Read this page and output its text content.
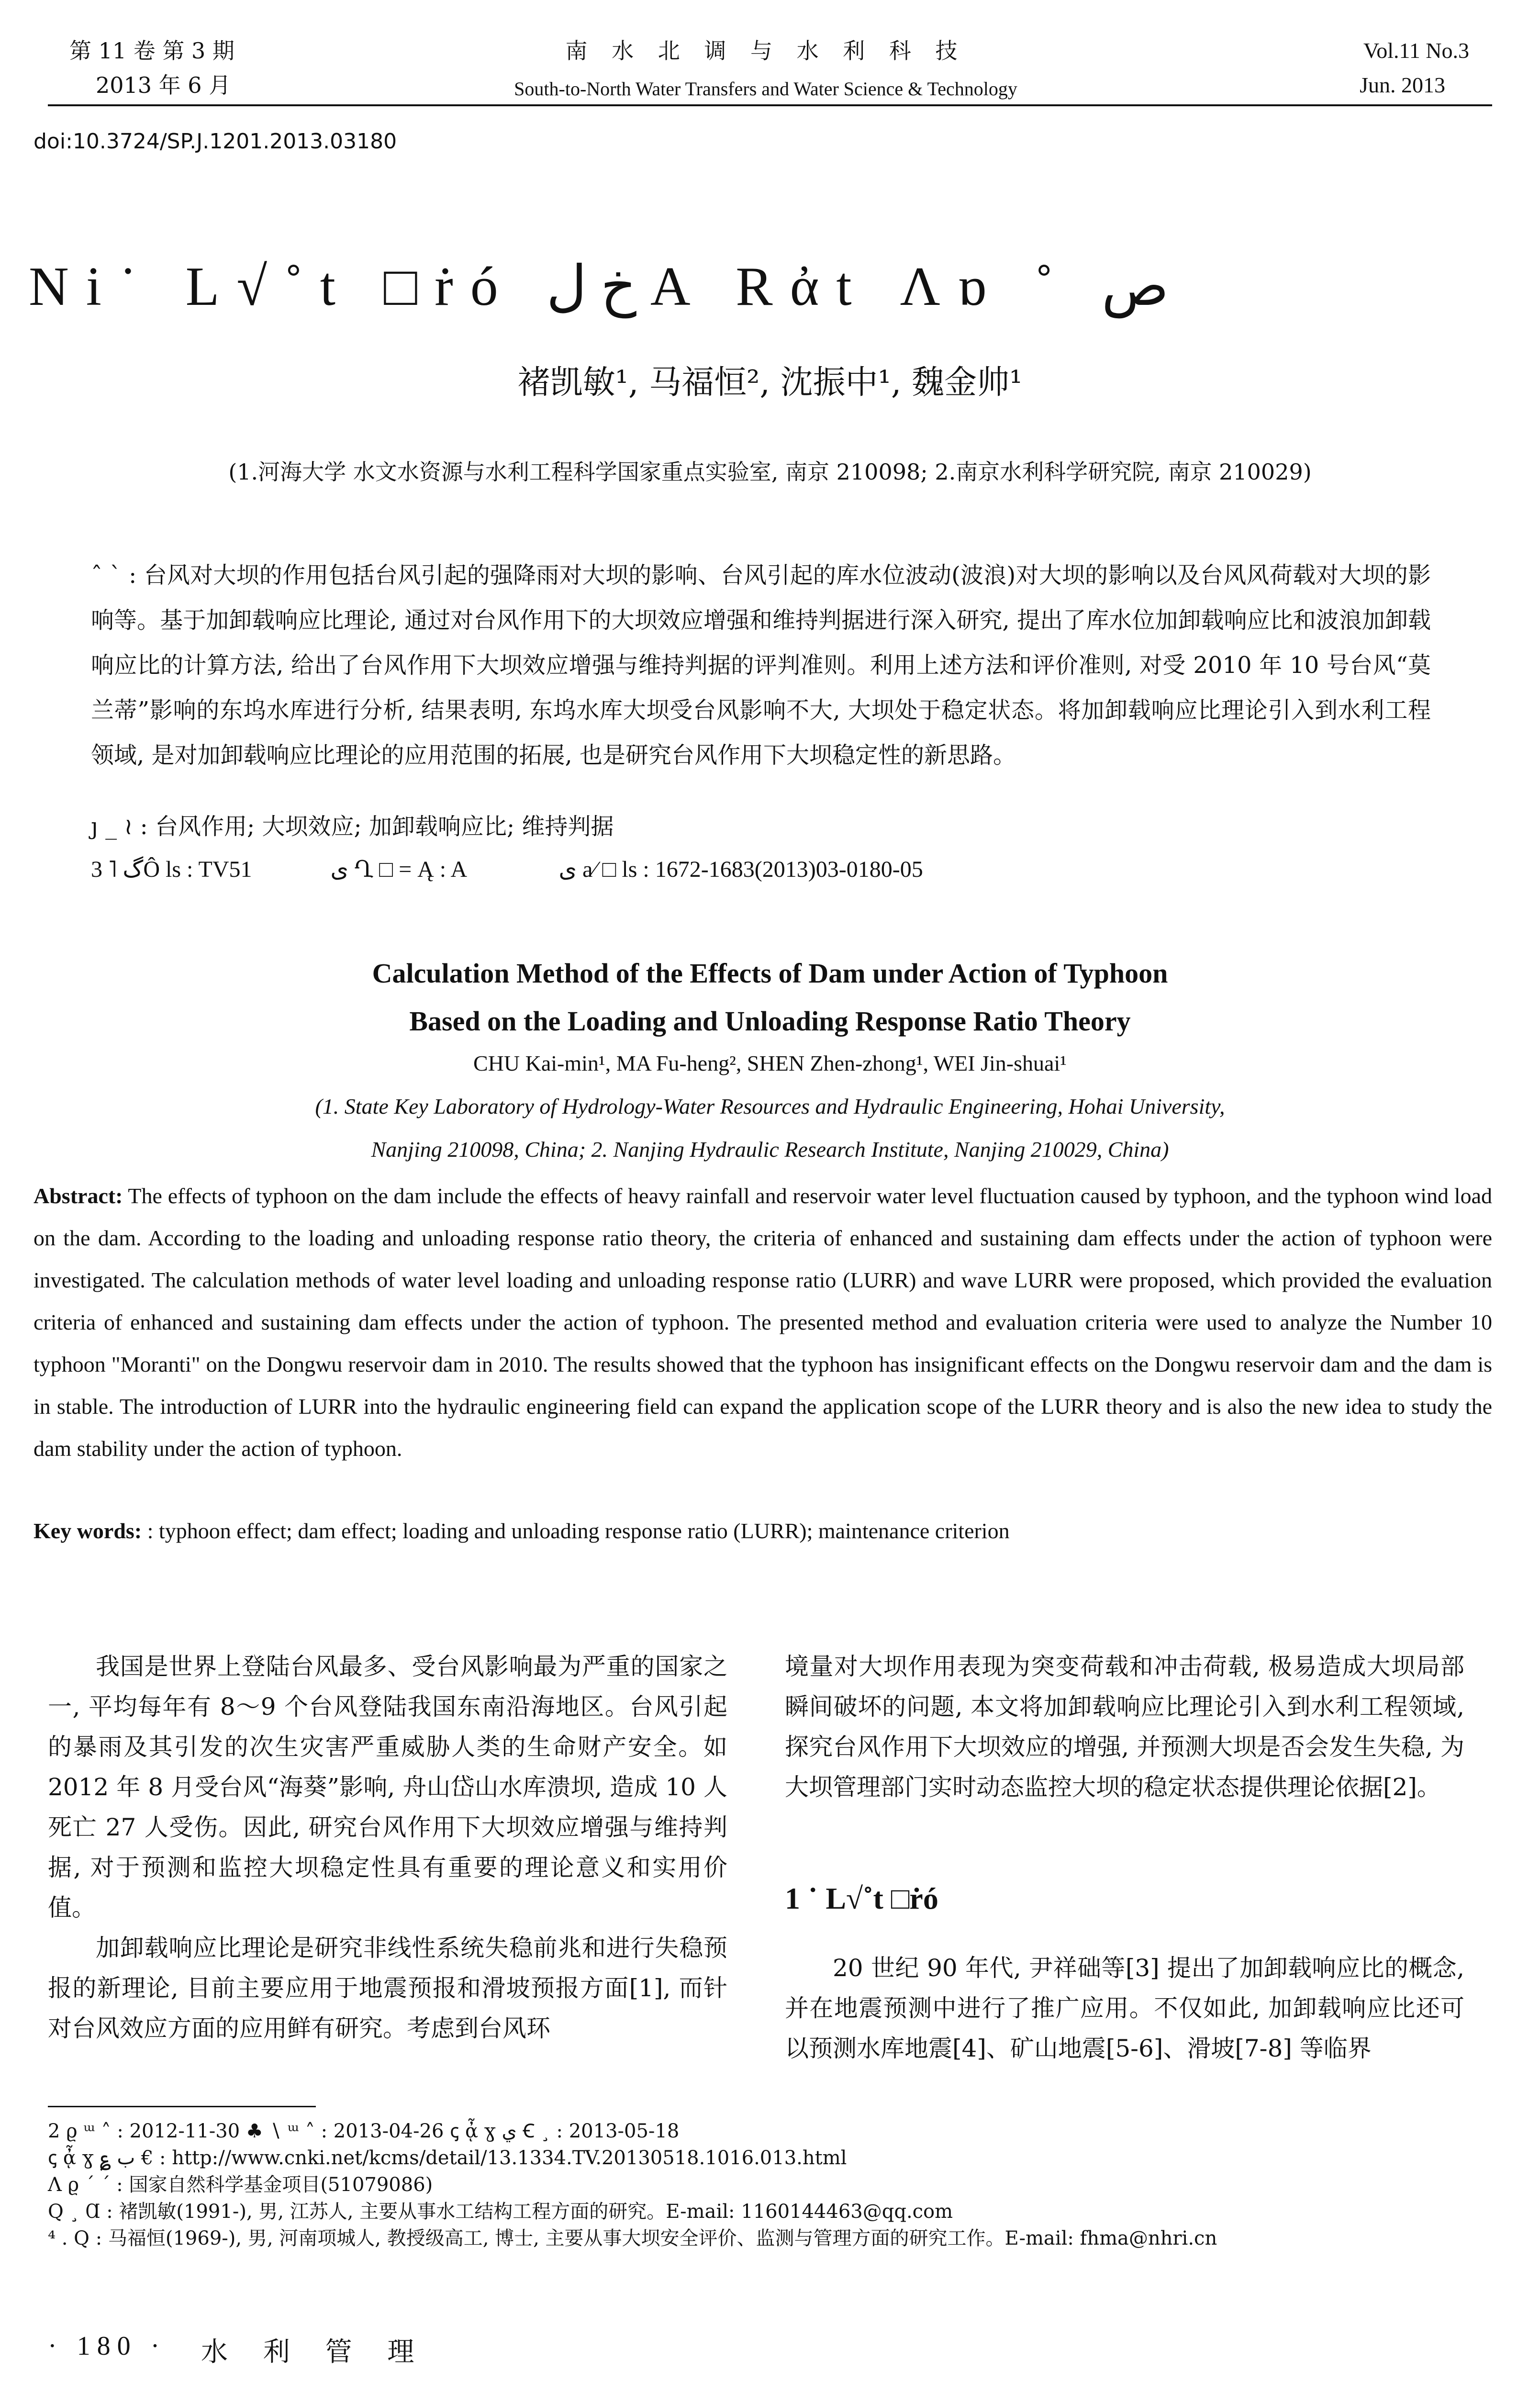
第 11 卷 第 3 期
2013 年 6 月
南 水 北 调 与 水 利 科 技
South-to-North Water Transfers and Water Science & Technology
Vol.11 No.3
Jun. 2013
doi:10.3724/SP.J.1201.2013.03180
Ni˙ L√˚t □ṙó خ ل A Rἀt Ʌɒ ˚ ص
褚凯敏¹, 马福恒², 沈振中¹, 魏金帅¹
(1.河海大学 水文水资源与水利工程科学国家重点实验室, 南京 210098; 2.南京水利科学研究院, 南京 210029)
ˆ ˋ : 台风对大坝的作用包括台风引起的强降雨对大坝的影响、台风引起的库水位波动(波浪)对大坝的影响以及台风风荷载对大坝的影响等。基于加卸载响应比理论, 通过对台风作用下的大坝效应增强和维持判据进行深入研究, 提出了库水位加卸载响应比和波浪加卸载响应比的计算方法, 给出了台风作用下大坝效应增强与维持判据的评判准则。利用上述方法和评价准则, 对受 2010 年 10 号台风“莫兰蒂”影响的东坞水库进行分析, 结果表明, 东坞水库大坝受台风影响不大, 大坝处于稳定状态。将加卸载响应比理论引入到水利工程领域, 是对加卸载响应比理论的应用范围的拓展, 也是研究台风作用下大坝稳定性的新思路。
ȷ _ ≀ : 台风作用; 大坝效应; 加卸载响应比; 维持判据
3 ˥ گÔ ls : TV51	ى Ղ □ = Ą : A	ى a∕ □ ls : 1672-1683(2013)03-0180-05
Calculation Method of the Effects of Dam under Action of Typhoon
Based on the Loading and Unloading Response Ratio Theory
CHU Kai-min¹, MA Fu-heng², SHEN Zhen-zhong¹, WEI Jin-shuai¹
(1. State Key Laboratory of Hydrology-Water Resources and Hydraulic Engineering, Hohai University,
Nanjing 210098, China; 2. Nanjing Hydraulic Research Institute, Nanjing 210029, China)
Abstract: The effects of typhoon on the dam include the effects of heavy rainfall and reservoir water level fluctuation caused by typhoon, and the typhoon wind load on the dam. According to the loading and unloading response ratio theory, the criteria of enhanced and sustaining dam effects under the action of typhoon were investigated. The calculation methods of water level loading and unloading response ratio (LURR) and wave LURR were proposed, which provided the evaluation criteria of enhanced and sustaining dam effects under the action of typhoon. The presented method and evaluation criteria were used to analyze the Number 10 typhoon "Moranti" on the Dongwu reservoir dam in 2010. The results showed that the typhoon has insignificant effects on the Dongwu reservoir dam and the dam is in stable. The introduction of LURR into the hydraulic engineering field can expand the application scope of the LURR theory and is also the new idea to study the dam stability under the action of typhoon.
Key words: : typhoon effect; dam effect; loading and unloading response ratio (LURR); maintenance criterion

我国是世界上登陆台风最多、受台风影响最为严重的国家之一, 平均每年有 8～9 个台风登陆我国东南沿海地区。台风引起的暴雨及其引发的次生灾害严重威胁人类的生命财产安全。如 2012 年 8 月受台风“海葵”影响, 舟山岱山水库溃坝, 造成 10 人死亡 27 人受伤。因此, 研究台风作用下大坝效应增强与维持判据, 对于预测和监控大坝稳定性具有重要的理论意义和实用价值。

加卸载响应比理论是研究非线性系统失稳前兆和进行失稳预报的新理论, 目前主要应用于地震预报和滑坡预报方面[1], 而针对台风效应方面的应用鲜有研究。考虑到台风环

境量对大坝作用表现为突变荷载和冲击荷载, 极易造成大坝局部瞬间破坏的问题, 本文将加卸载响应比理论引入到水利工程领域, 探究台风作用下大坝效应的增强, 并预测大坝是否会发生失稳, 为大坝管理部门实时动态监控大坝的稳定状态提供理论依据[2]。

1 ˙ L√˚t □ṙó

20 世纪 90 年代, 尹祥础等[3] 提出了加卸载响应比的概念, 并在地震预测中进行了推广应用。不仅如此, 加卸载响应比还可以预测水库地震[4]、矿山地震[5-6]、滑坡[7-8] 等临界

2 ϱ ᵚ ˄ : 2012-11-30 ♣ ∖ ᵚ ˄ : 2013-04-26 ꞔ ᾆ ɣ ي Ꞓ ¸ : 2013-05-18
ꞔ ᾆ ɣ ؏ ب € : http://www.cnki.net/kcms/detail/13.1334.TV.20130518.1016.013.html
Ʌ ϱ ˊ ˊ : 国家自然科学基金项目(51079086)
Q ¸ Ɑ : 褚凯敏(1991-), 男, 江苏人, 主要从事水工结构工程方面的研究。E-mail: 1160144463@qq.com
⁴ . Q : 马福恒(1969-), 男, 河南项城人, 教授级高工, 博士, 主要从事大坝安全评价、监测与管理方面的研究工作。E-mail: fhma@nhri.cn
· 180 · 水 利 管 理
